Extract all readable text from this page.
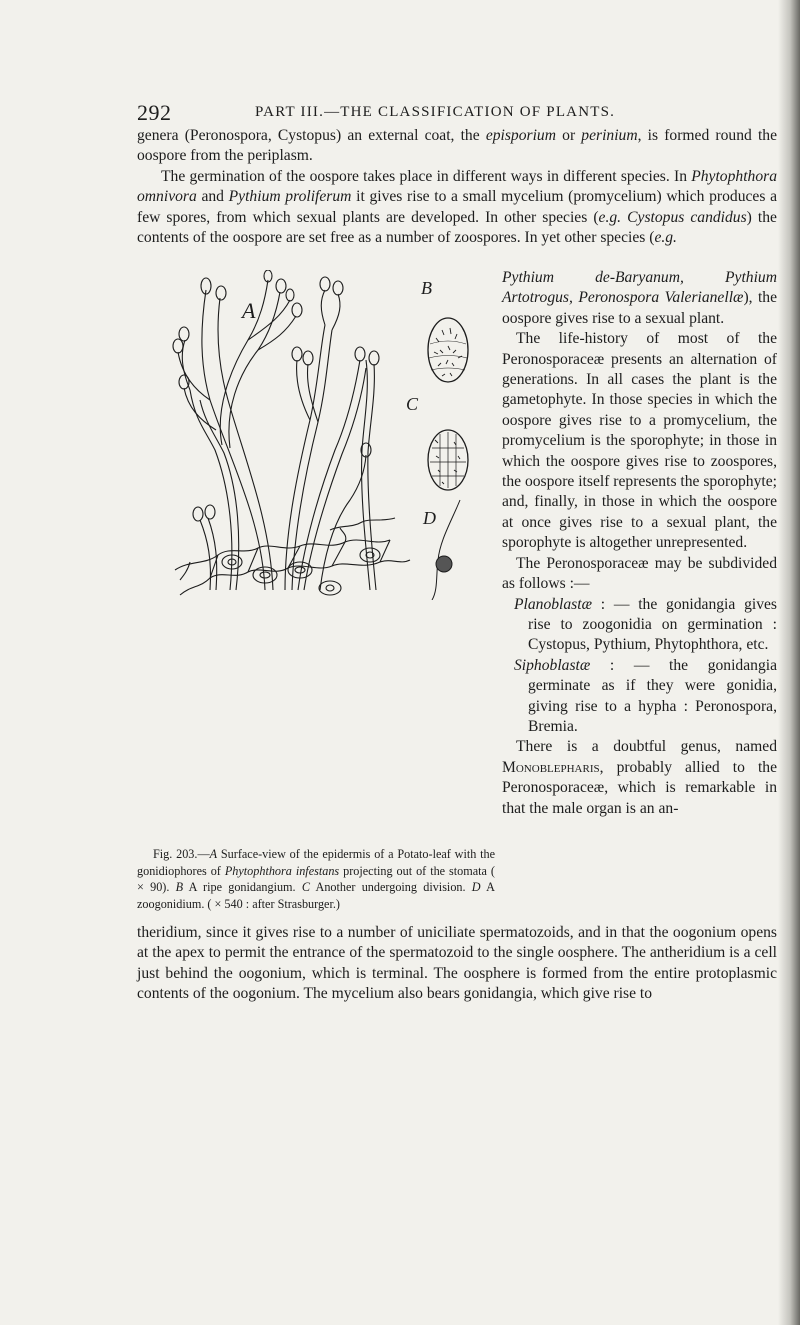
292	PART III.—THE CLASSIFICATION OF PLANTS.
genera (Peronospora, Cystopus) an external coat, the episporium or perinium, is formed round the oospore from the periplasm.
The germination of the oospore takes place in different ways in different species. In Phytophthora omnivora and Pythium proliferum it gives rise to a small mycelium (promycelium) which produces a few spores, from which sexual plants are developed. In other species (e.g. Cystopus candidus) the contents of the oospore are set free as a number of zoospores. In yet other species (e.g.
A
B
C
D

Pythium de-Baryanum, Pythium Artotrogus, Peronospora Valerianellæ), the oospore gives rise to a sexual plant.

The life-history of most of the Peronosporaceæ presents an alternation of generations. In all cases the plant is the gametophyte. In those species in which the oospore gives rise to a promycelium, the promycelium is the sporophyte; in those in which the oospore gives rise to zoospores, the oospore itself represents the sporophyte; and, finally, in those in which the oospore at once gives rise to a sexual plant, the sporophyte is altogether unrepresented.

The Peronosporaceæ may be subdivided as follows :—

Planoblastæ : — the gonidangia gives rise to zoogonidia on germination : Cystopus, Pythium, Phytophthora, etc.

Siphoblastæ : — the gonidangia germinate as if they were gonidia, giving rise to a hypha : Peronospora, Bremia.

There is a doubtful genus, named Monoblepharis, probably allied to the Peronosporaceæ, which is remarkable in that the male organ is an an-

Fig. 203.—A Surface-view of the epidermis of a Potato-leaf with the gonidiophores of Phytophthora infestans projecting out of the stomata ( × 90). B A ripe gonidangium. C Another undergoing division. D A zoogonidium. ( × 540 : after Strasburger.)
theridium, since it gives rise to a number of uniciliate spermatozoids, and in that the oogonium opens at the apex to permit the entrance of the spermatozoid to the single oosphere. The antheridium is a cell just behind the oogonium, which is terminal. The oosphere is formed from the entire protoplasmic contents of the oogonium. The mycelium also bears gonidangia, which give rise to
